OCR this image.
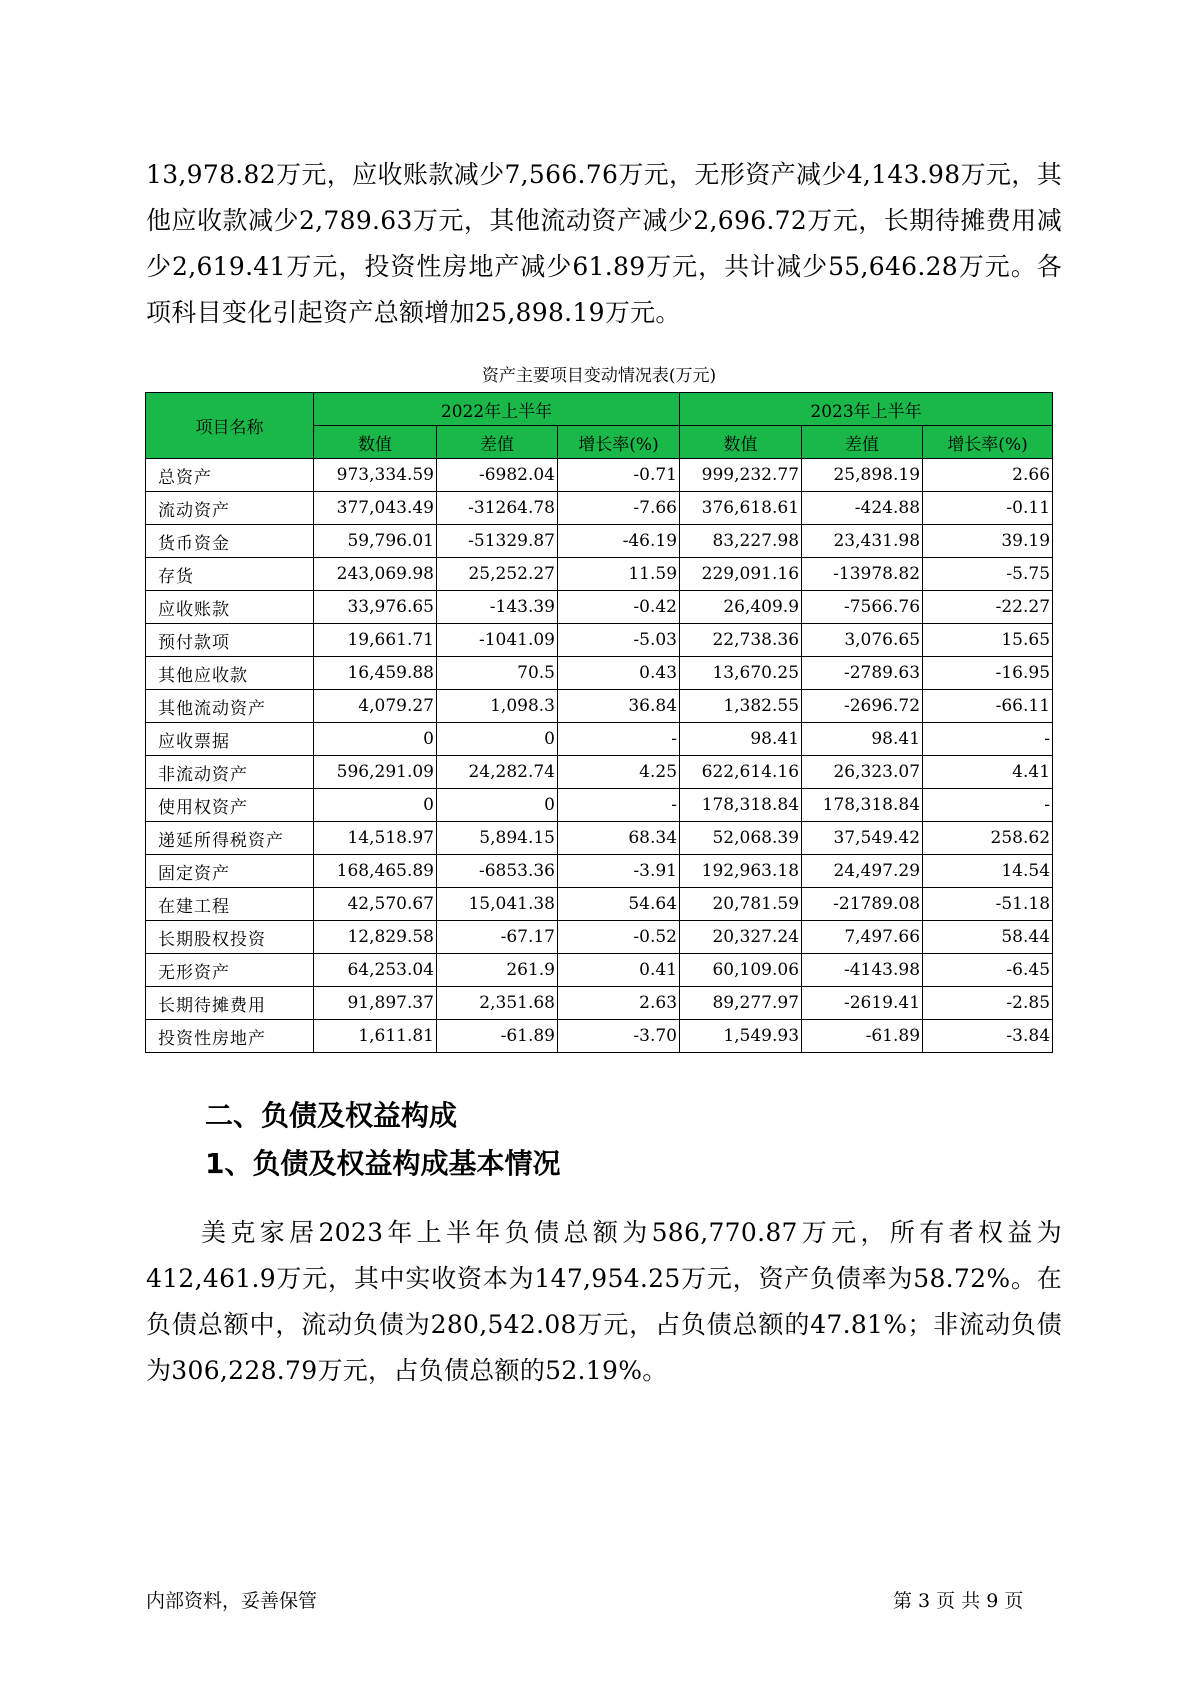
13,978.82万元，应收账款减少7,566.76万元，无形资产减少4,143.98万元，其他应收款减少2,789.63万元，其他流动资产减少2,696.72万元，长期待摊费用减少2,619.41万元，投资性房地产减少61.89万元，共计减少55,646.28万元。各项科目变化引起资产总额增加25,898.19万元。

资产主要项目变动情况表(万元)
项目名称	2022年上半年			2023年上半年		
	数值	差值	增长率(%)	数值	差值	增长率(%)
总资产	973,334.59	-6982.04	-0.71	999,232.77	25,898.19	2.66
流动资产	377,043.49	-31264.78	-7.66	376,618.61	-424.88	-0.11
货币资金	59,796.01	-51329.87	-46.19	83,227.98	23,431.98	39.19
存货	243,069.98	25,252.27	11.59	229,091.16	-13978.82	-5.75
应收账款	33,976.65	-143.39	-0.42	26,409.9	-7566.76	-22.27
预付款项	19,661.71	-1041.09	-5.03	22,738.36	3,076.65	15.65
其他应收款	16,459.88	70.5	0.43	13,670.25	-2789.63	-16.95
其他流动资产	4,079.27	1,098.3	36.84	1,382.55	-2696.72	-66.11
应收票据	0	0	-	98.41	98.41	-
非流动资产	596,291.09	24,282.74	4.25	622,614.16	26,323.07	4.41
使用权资产	0	0	-	178,318.84	178,318.84	-
递延所得税资产	14,518.97	5,894.15	68.34	52,068.39	37,549.42	258.62
固定资产	168,465.89	-6853.36	-3.91	192,963.18	24,497.29	14.54
在建工程	42,570.67	15,041.38	54.64	20,781.59	-21789.08	-51.18
长期股权投资	12,829.58	-67.17	-0.52	20,327.24	7,497.66	58.44
无形资产	64,253.04	261.9	0.41	60,109.06	-4143.98	-6.45
长期待摊费用	91,897.37	2,351.68	2.63	89,277.97	-2619.41	-2.85
投资性房地产	1,611.81	-61.89	-3.70	1,549.93	-61.89	-3.84
二、负债及权益构成
1、负债及权益构成基本情况

美克家居2023年上半年负债总额为586,770.87万元，所有者权益为412,461.9万元，其中实收资本为147,954.25万元，资产负债率为58.72%。在负债总额中，流动负债为280,542.08万元，占负债总额的47.81%；非流动负债为306,228.79万元，占负债总额的52.19%。

内部资料，妥善保管	第 3 页 共 9 页
